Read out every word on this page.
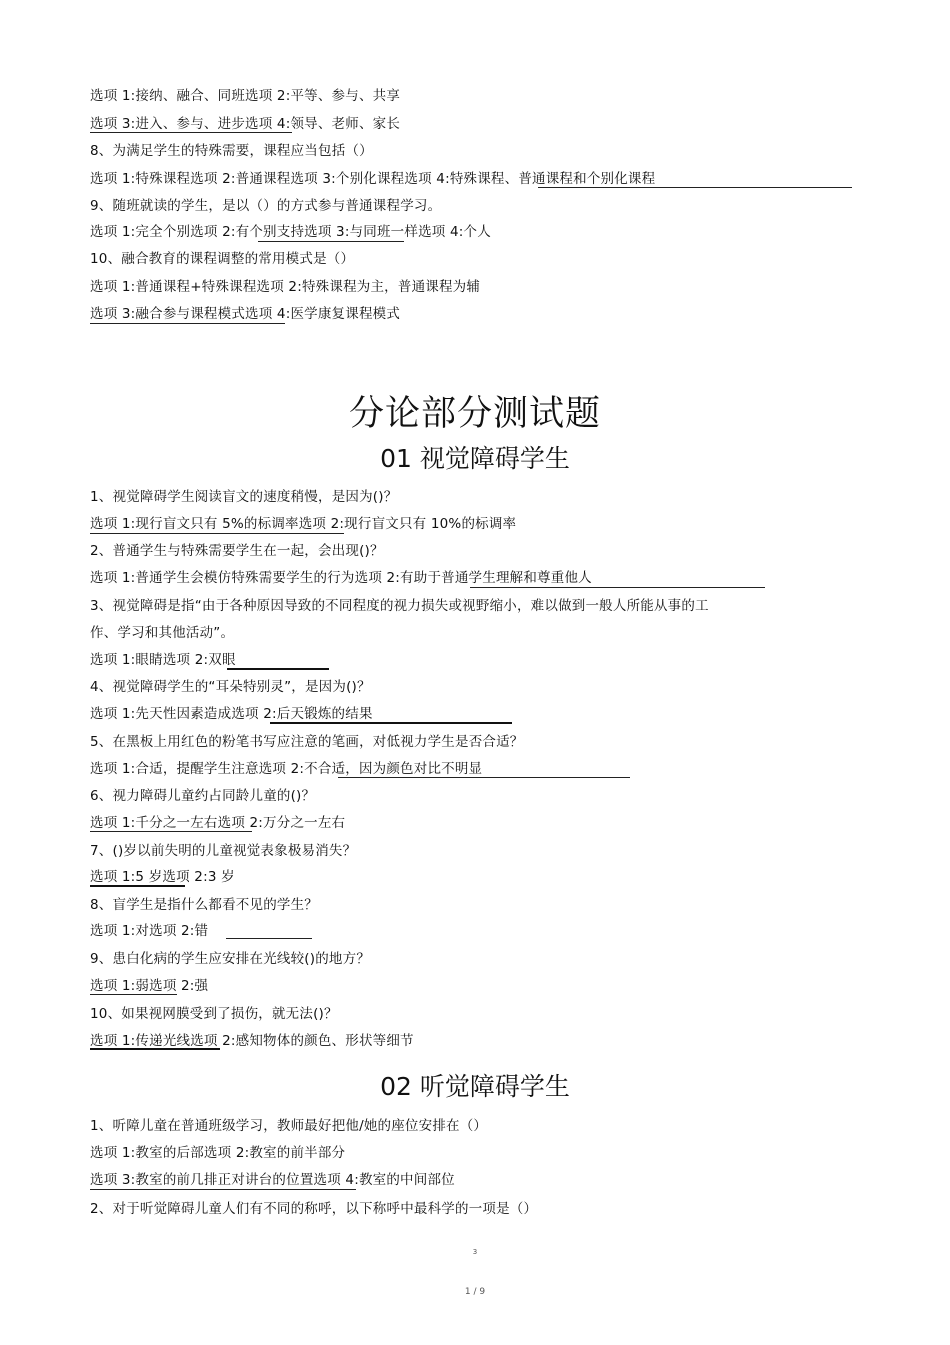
选项 1:接纳、融合、同班选项 2:平等、参与、共享
选项 3:进入、参与、进步选项 4:领导、老师、家长
8、为满足学生的特殊需要，课程应当包括（）
选项 1:特殊课程选项 2:普通课程选项 3:个别化课程选项 4:特殊课程、普通课程和个别化课程
9、随班就读的学生，是以（）的方式参与普通课程学习。
选项 1:完全个别选项 2:有个别支持选项 3:与同班一样选项 4:个人
10、融合教育的课程调整的常用模式是（）
选项 1:普通课程+特殊课程选项 2:特殊课程为主，普通课程为辅
选项 3:融合参与课程模式选项 4:医学康复课程模式
分论部分测试题
01 视觉障碍学生
1、视觉障碍学生阅读盲文的速度稍慢，是因为()？
选项 1:现行盲文只有 5%的标调率选项 2:现行盲文只有 10%的标调率
2、普通学生与特殊需要学生在一起，会出现()？
选项 1:普通学生会模仿特殊需要学生的行为选项 2:有助于普通学生理解和尊重他人
3、视觉障碍是指“由于各种原因导致的不同程度的视力损失或视野缩小，难以做到一般人所能从事的工
作、学习和其他活动”。
选项 1:眼睛选项 2:双眼
4、视觉障碍学生的“耳朵特别灵”，是因为()？
选项 1:先天性因素造成选项 2:后天锻炼的结果
5、在黑板上用红色的粉笔书写应注意的笔画，对低视力学生是否合适？
选项 1:合适，提醒学生注意选项 2:不合适，因为颜色对比不明显
6、视力障碍儿童约占同龄儿童的()？
选项 1:千分之一左右选项 2:万分之一左右
7、()岁以前失明的儿童视觉表象极易消失？
选项 1:5 岁选项 2:3 岁
8、盲学生是指什么都看不见的学生？
选项 1:对选项 2:错
9、患白化病的学生应安排在光线较()的地方？
选项 1:弱选项 2:强
10、如果视网膜受到了损伤，就无法()？
选项 1:传递光线选项 2:感知物体的颜色、形状等细节
02 听觉障碍学生
1、听障儿童在普通班级学习，教师最好把他/她的座位安排在（）
选项 1:教室的后部选项 2:教室的前半部分
选项 3:教室的前几排正对讲台的位置选项 4:教室的中间部位
2、对于听觉障碍儿童人们有不同的称呼，以下称呼中最科学的一项是（）
3
1 / 9
